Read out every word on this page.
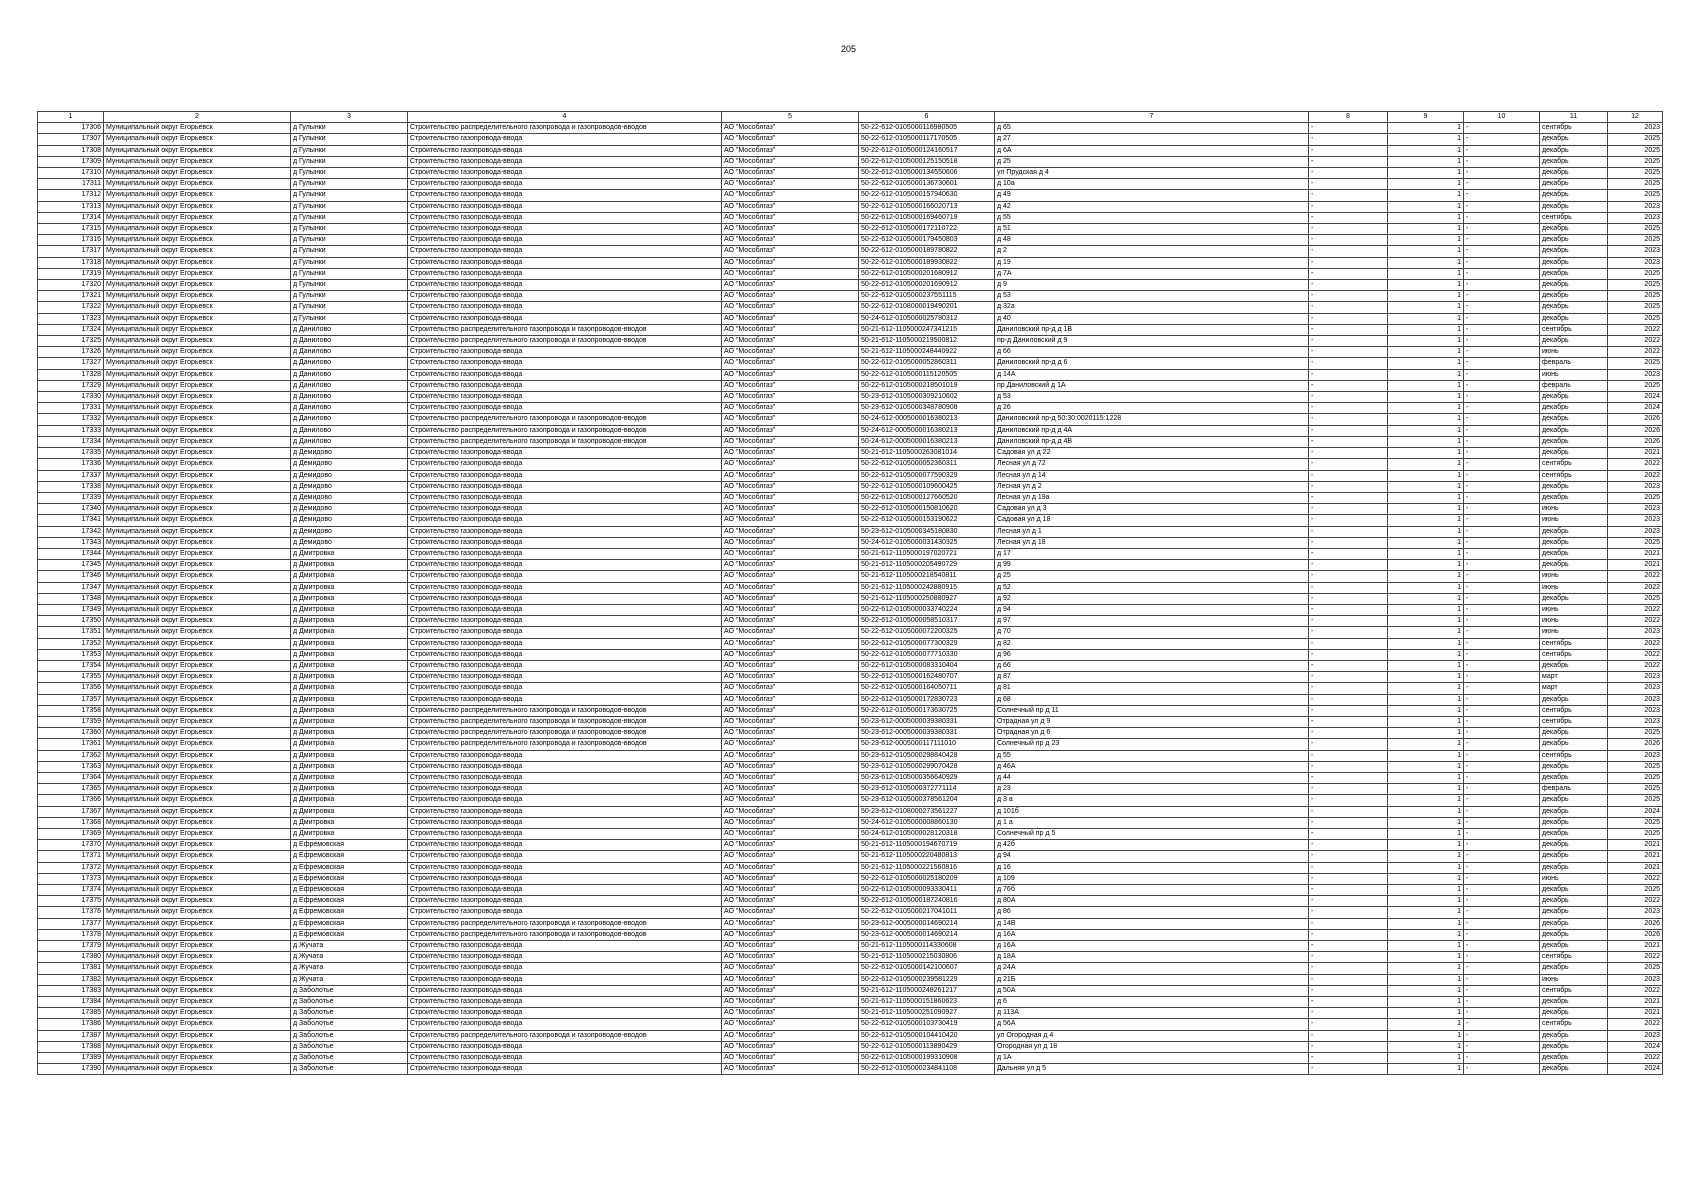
205
1	2	3	4	5	6	7	8	9	10	11	12
17306	Муниципальный округ Егорьевск	д Гулынки	Строительство распределительного газопровода и газопроводов-вводов	АО "Мособлгаз"	50-22-612-0105000116980505	д 65	-	1	-	сентябрь	2023
17307	Муниципальный округ Егорьевск	д Гулынки	Строительство газопровода-ввода	АО "Мособлгаз"	50-22-612-0105000117170505	д 27	-	1	-	декабрь	2025
17308	Муниципальный округ Егорьевск	д Гулынки	Строительство газопровода-ввода	АО "Мособлгаз"	50-22-612-0105000124160517	д 6А	-	1	-	декабрь	2025
17309	Муниципальный округ Егорьевск	д Гулынки	Строительство газопровода-ввода	АО "Мособлгаз"	50-22-612-0105000125150518	д 25	-	1	-	декабрь	2025
17310	Муниципальный округ Егорьевск	д Гулынки	Строительство газопровода-ввода	АО "Мособлгаз"	50-22-612-0105000134550606	ул Прудская д 4	-	1	-	декабрь	2025
17311	Муниципальный округ Егорьевск	д Гулынки	Строительство газопровода-ввода	АО "Мособлгаз"	50-22-612-0105000136730601	д 10а	-	1	-	декабрь	2025
17312	Муниципальный округ Егорьевск	д Гулынки	Строительство газопровода-ввода	АО "Мособлгаз"	50-22-612-0105000157940630	д 49	-	1	-	декабрь	2025
17313	Муниципальный округ Егорьевск	д Гулынки	Строительство газопровода-ввода	АО "Мособлгаз"	50-22-612-0105000166020713	д 42	-	1	-	декабрь	2023
17314	Муниципальный округ Егорьевск	д Гулынки	Строительство газопровода-ввода	АО "Мособлгаз"	50-22-612-0105000169460719	д 55	-	1	-	сентябрь	2023
17315	Муниципальный округ Егорьевск	д Гулынки	Строительство газопровода-ввода	АО "Мособлгаз"	50-22-612-0105000172110722	д 51	-	1	-	декабрь	2025
17316	Муниципальный округ Егорьевск	д Гулынки	Строительство газопровода-ввода	АО "Мособлгаз"	50-22-612-0105000179450803	д 48	-	1	-	декабрь	2025
17317	Муниципальный округ Егорьевск	д Гулынки	Строительство газопровода-ввода	АО "Мособлгаз"	50-22-612-0105000189780822	д 2	-	1	-	декабрь	2023
17318	Муниципальный округ Егорьевск	д Гулынки	Строительство газопровода-ввода	АО "Мособлгаз"	50-22-612-0105000189930822	д 19	-	1	-	декабрь	2023
17319	Муниципальный округ Егорьевск	д Гулынки	Строительство газопровода-ввода	АО "Мособлгаз"	50-22-612-0105000201680912	д 7А	-	1	-	декабрь	2025
17320	Муниципальный округ Егорьевск	д Гулынки	Строительство газопровода-ввода	АО "Мособлгаз"	50-22-612-0105000201690912	д 9	-	1	-	декабрь	2025
17321	Муниципальный округ Егорьевск	д Гулынки	Строительство газопровода-ввода	АО "Мособлгаз"	50-22-612-0105000237551115	д 53	-	1	-	декабрь	2025
17322	Муниципальный округ Егорьевск	д Гулынки	Строительство газопровода-ввода	АО "Мособлгаз"	50-22-612-0108000019490201	д 32а	-	1	-	декабрь	2025
17323	Муниципальный округ Егорьевск	д Гулынки	Строительство газопровода-ввода	АО "Мособлгаз"	50-24-612-0105000025780312	д 40	-	1	-	декабрь	2025
17324	Муниципальный округ Егорьевск	д Данилово	Строительство распределительного газопровода и газопроводов-вводов	АО "Мособлгаз"	50-21-612-1105000247341215	Даниловский пр-д д 1В	-	1	-	сентябрь	2022
17325	Муниципальный округ Егорьевск	д Данилово	Строительство распределительного газопровода и газопроводов-вводов	АО "Мособлгаз"	50-21-612-1105000219500812	пр-д Даниловский д 9	-	1	-	декабрь	2022
17326	Муниципальный округ Егорьевск	д Данилово	Строительство газопровода-ввода	АО "Мособлгаз"	50-21-612-1105000248440922	д 66	-	1	-	июнь	2022
17327	Муниципальный округ Егорьевск	д Данилово	Строительство газопровода-ввода	АО "Мособлгаз"	50-22-612-0105000052860311	Даниловский пр-д д 6	-	1	-	февраль	2025
17328	Муниципальный округ Егорьевск	д Данилово	Строительство газопровода-ввода	АО "Мособлгаз"	50-22-612-0105000115120505	д 14А	-	1	-	июнь	2023
17329	Муниципальный округ Егорьевск	д Данилово	Строительство газопровода-ввода	АО "Мособлгаз"	50-22-612-0105000218501019	пр Даниловский д 1А	-	1	-	февраль	2025
17330	Муниципальный округ Егорьевск	д Данилово	Строительство газопровода-ввода	АО "Мособлгаз"	50-23-612-0105000309210602	д 53	-	1	-	декабрь	2024
17331	Муниципальный округ Егорьевск	д Данилово	Строительство газопровода-ввода	АО "Мособлгаз"	50-23-612-0105000348780908	д 26	-	1	-	декабрь	2024
17332	Муниципальный округ Егорьевск	д Данилово	Строительство распределительного газопровода и газопроводов-вводов	АО "Мособлгаз"	50-24-612-0005000016380213	Даниловский пр-д 50:30:0020115:1228	-	1	-	декабрь	2026
17333	Муниципальный округ Егорьевск	д Данилово	Строительство распределительного газопровода и газопроводов-вводов	АО "Мособлгаз"	50-24-612-0005000016380213	Даниловский пр-д д 4А	-	1	-	декабрь	2026
17334	Муниципальный округ Егорьевск	д Данилово	Строительство распределительного газопровода и газопроводов-вводов	АО "Мособлгаз"	50-24-612-0005000016380213	Даниловский пр-д д 4В	-	1	-	декабрь	2026
17335	Муниципальный округ Егорьевск	д Демидово	Строительство газопровода-ввода	АО "Мособлгаз"	50-21-612-1105000263081014	Садовая ул д 22	-	1	-	декабрь	2021
17336	Муниципальный округ Егорьевск	д Демидово	Строительство газопровода-ввода	АО "Мособлгаз"	50-22-612-0105000052360311	Лесная ул д 72	-	1	-	сентябрь	2022
17337	Муниципальный округ Егорьевск	д Демидово	Строительство газопровода-ввода	АО "Мособлгаз"	50-22-612-0105000077590329	Лесная ул д 14	-	1	-	сентябрь	2022
17338	Муниципальный округ Егорьевск	д Демидово	Строительство газопровода-ввода	АО "Мособлгаз"	50-22-612-0105000109600425	Лесная ул д 2	-	1	-	декабрь	2023
17339	Муниципальный округ Егорьевск	д Демидово	Строительство газопровода-ввода	АО "Мособлгаз"	50-22-612-0105000127660520	Лесная ул д 19а	-	1	-	декабрь	2025
17340	Муниципальный округ Егорьевск	д Демидово	Строительство газопровода-ввода	АО "Мособлгаз"	50-22-612-0105000150810620	Садовая ул д 3	-	1	-	июнь	2023
17341	Муниципальный округ Егорьевск	д Демидово	Строительство газопровода-ввода	АО "Мособлгаз"	50-22-612-0105000153190622	Садовая ул д 18	-	1	-	июнь	2023
17342	Муниципальный округ Егорьевск	д Демидово	Строительство газопровода-ввода	АО "Мособлгаз"	50-23-612-0105000345180830	Лесная ул д 1	-	1	-	декабрь	2023
17343	Муниципальный округ Егорьевск	д Демидово	Строительство газопровода-ввода	АО "Мособлгаз"	50-24-612-0105000031430325	Лесная ул д 18	-	1	-	декабрь	2025
17344	Муниципальный округ Егорьевск	д Дмитровка	Строительство газопровода-ввода	АО "Мособлгаз"	50-21-612-1105000197020721	д 17	-	1	-	декабрь	2021
17345	Муниципальный округ Егорьевск	д Дмитровка	Строительство газопровода-ввода	АО "Мособлгаз"	50-21-612-1105000205490729	д 99	-	1	-	декабрь	2021
17346	Муниципальный округ Егорьевск	д Дмитровка	Строительство газопровода-ввода	АО "Мособлгаз"	50-21-612-1105000218540811	д 25	-	1	-	июнь	2022
17347	Муниципальный округ Егорьевск	д Дмитровка	Строительство газопровода-ввода	АО "Мособлгаз"	50-21-612-1105000242880915	д 52	-	1	-	июнь	2022
17348	Муниципальный округ Егорьевск	д Дмитровка	Строительство газопровода-ввода	АО "Мособлгаз"	50-21-612-1105000250880927	д 92	-	1	-	декабрь	2025
17349	Муниципальный округ Егорьевск	д Дмитровка	Строительство газопровода-ввода	АО "Мособлгаз"	50-22-612-0105000033740224	д 94	-	1	-	июнь	2022
17350	Муниципальный округ Егорьевск	д Дмитровка	Строительство газопровода-ввода	АО "Мособлгаз"	50-22-612-0105000058510317	д 97	-	1	-	июнь	2022
17351	Муниципальный округ Егорьевск	д Дмитровка	Строительство газопровода-ввода	АО "Мособлгаз"	50-22-612-0105000072200325	д 70	-	1	-	июнь	2023
17352	Муниципальный округ Егорьевск	д Дмитровка	Строительство газопровода-ввода	АО "Мособлгаз"	50-22-612-0105000077300329	д 82	-	1	-	сентябрь	2022
17353	Муниципальный округ Егорьевск	д Дмитровка	Строительство газопровода-ввода	АО "Мособлгаз"	50-22-612-0105000077710330	д 96	-	1	-	сентябрь	2022
17354	Муниципальный округ Егорьевск	д Дмитровка	Строительство газопровода-ввода	АО "Мособлгаз"	50-22-612-0105000083310404	д 66	-	1	-	декабрь	2022
17355	Муниципальный округ Егорьевск	д Дмитровка	Строительство газопровода-ввода	АО "Мособлгаз"	50-22-612-0105000162480707	д 87	-	1	-	март	2023
17356	Муниципальный округ Егорьевск	д Дмитровка	Строительство газопровода-ввода	АО "Мособлгаз"	50-22-612-0105000164050711	д 81	-	1	-	март	2023
17357	Муниципальный округ Егорьевск	д Дмитровка	Строительство газопровода-ввода	АО "Мособлгаз"	50-22-612-0105000172830723	д 68	-	1	-	декабрь	2023
17358	Муниципальный округ Егорьевск	д Дмитровка	Строительство распределительного газопровода и газопроводов-вводов	АО "Мособлгаз"	50-22-612-0105000173630725	Солнечный пр д 11	-	1	-	сентябрь	2023
17359	Муниципальный округ Егорьевск	д Дмитровка	Строительство распределительного газопровода и газопроводов-вводов	АО "Мособлгаз"	50-23-612-0005000039380331	Отрадная ул д 9	-	1	-	сентябрь	2023
17360	Муниципальный округ Егорьевск	д Дмитровка	Строительство распределительного газопровода и газопроводов-вводов	АО "Мособлгаз"	50-23-612-0005000039380331	Отрадная ул д 6	-	1	-	декабрь	2025
17361	Муниципальный округ Егорьевск	д Дмитровка	Строительство распределительного газопровода и газопроводов-вводов	АО "Мособлгаз"	50-23-612-0005000117111010	Солнечный пр д 23	-	1	-	декабрь	2026
17362	Муниципальный округ Егорьевск	д Дмитровка	Строительство газопровода-ввода	АО "Мособлгаз"	50-23-612-0105000298840428	д 55	-	1	-	сентябрь	2023
17363	Муниципальный округ Егорьевск	д Дмитровка	Строительство газопровода-ввода	АО "Мособлгаз"	50-23-612-0105000299070428	д 46А	-	1	-	декабрь	2025
17364	Муниципальный округ Егорьевск	д Дмитровка	Строительство газопровода-ввода	АО "Мособлгаз"	50-23-612-0105000356640929	д 44	-	1	-	декабрь	2025
17365	Муниципальный округ Егорьевск	д Дмитровка	Строительство газопровода-ввода	АО "Мособлгаз"	50-23-612-0105000372771114	д 23	-	1	-	февраль	2025
17366	Муниципальный округ Егорьевск	д Дмитровка	Строительство газопровода-ввода	АО "Мособлгаз"	50-23-612-0105000378561204	д 3 а	-	1	-	декабрь	2025
17367	Муниципальный округ Егорьевск	д Дмитровка	Строительство газопровода-ввода	АО "Мособлгаз"	50-23-612-0108000273561227	д 101б	-	1	-	декабрь	2024
17368	Муниципальный округ Егорьевск	д Дмитровка	Строительство газопровода-ввода	АО "Мособлгаз"	50-24-612-0105000008860130	д 1 а	-	1	-	декабрь	2025
17369	Муниципальный округ Егорьевск	д Дмитровка	Строительство газопровода-ввода	АО "Мособлгаз"	50-24-612-0105000028120318	Солнечный пр д 5	-	1	-	декабрь	2025
17370	Муниципальный округ Егорьевск	д Ефремовская	Строительство газопровода-ввода	АО "Мособлгаз"	50-21-612-1105000194670719	д 42б	-	1	-	декабрь	2021
17371	Муниципальный округ Егорьевск	д Ефремовская	Строительство газопровода-ввода	АО "Мособлгаз"	50-21-612-1105000220480813	д 94	-	1	-	декабрь	2021
17372	Муниципальный округ Егорьевск	д Ефремовская	Строительство газопровода-ввода	АО "Мособлгаз"	50-21-612-1105000221560816	д 16	-	1	-	декабрь	2021
17373	Муниципальный округ Егорьевск	д Ефремовская	Строительство газопровода-ввода	АО "Мособлгаз"	50-22-612-0105000025180209	д 109	-	1	-	июнь	2022
17374	Муниципальный округ Егорьевск	д Ефремовская	Строительство газопровода-ввода	АО "Мособлгаз"	50-22-612-0105000093330411	д 76б	-	1	-	декабрь	2025
17375	Муниципальный округ Егорьевск	д Ефремовская	Строительство газопровода-ввода	АО "Мособлгаз"	50-22-612-0105000187240816	д 80А	-	1	-	декабрь	2022
17376	Муниципальный округ Егорьевск	д Ефремовская	Строительство газопровода-ввода	АО "Мособлгаз"	50-22-612-0105000217041011	д 86	-	1	-	декабрь	2023
17377	Муниципальный округ Егорьевск	д Ефремовская	Строительство распределительного газопровода и газопроводов-вводов	АО "Мособлгаз"	50-23-612-0005000014690214	д 14В	-	1	-	декабрь	2026
17378	Муниципальный округ Егорьевск	д Ефремовская	Строительство распределительного газопровода и газопроводов-вводов	АО "Мособлгаз"	50-23-612-0005000014690214	д 16А	-	1	-	декабрь	2026
17379	Муниципальный округ Егорьевск	д Жучата	Строительство газопровода-ввода	АО "Мособлгаз"	50-21-612-1105000114330608	д 16А	-	1	-	декабрь	2021
17380	Муниципальный округ Егорьевск	д Жучата	Строительство газопровода-ввода	АО "Мособлгаз"	50-21-612-1105000215030806	д 18А	-	1	-	сентябрь	2022
17381	Муниципальный округ Егорьевск	д Жучата	Строительство газопровода-ввода	АО "Мособлгаз"	50-22-612-0105000142100607	д 24А	-	1	-	декабрь	2025
17382	Муниципальный округ Егорьевск	д Жучата	Строительство газопровода-ввода	АО "Мособлгаз"	50-22-612-0105000239581229	д 21Б	-	1	-	июнь	2023
17383	Муниципальный округ Егорьевск	д Заболотье	Строительство газопровода-ввода	АО "Мособлгаз"	50-21-612-1105000248261217	д 50А	-	1	-	сентябрь	2022
17384	Муниципальный округ Егорьевск	д Заболотье	Строительство газопровода-ввода	АО "Мособлгаз"	50-21-612-1105000151860623	д 6	-	1	-	декабрь	2021
17385	Муниципальный округ Егорьевск	д Заболотье	Строительство газопровода-ввода	АО "Мособлгаз"	50-21-612-1105000251090927	д 113А	-	1	-	декабрь	2021
17386	Муниципальный округ Егорьевск	д Заболотье	Строительство газопровода-ввода	АО "Мособлгаз"	50-22-612-0105000103730419	д 56А	-	1	-	сентябрь	2022
17387	Муниципальный округ Егорьевск	д Заболотье	Строительство распределительного газопровода и газопроводов-вводов	АО "Мособлгаз"	50-22-612-0105000104410420	ул Огородная д 4	-	1	-	декабрь	2023
17388	Муниципальный округ Егорьевск	д Заболотье	Строительство газопровода-ввода	АО "Мособлгаз"	50-22-612-0105000113890429	Огородная ул д 18	-	1	-	декабрь	2024
17389	Муниципальный округ Егорьевск	д Заболотье	Строительство газопровода-ввода	АО "Мособлгаз"	50-22-612-0105000199310908	д 1А	-	1	-	декабрь	2022
17390	Муниципальный округ Егорьевск	д Заболотье	Строительство газопровода-ввода	АО "Мособлгаз"	50-22-612-0105000234841108	Дальняя ул д 5	-	1	-	декабрь	2024
